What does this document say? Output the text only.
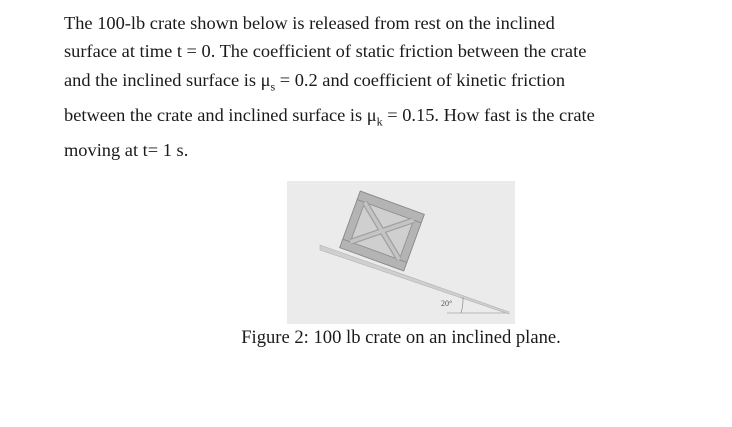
The 100-lb crate shown below is released from rest on the inclined
surface at time t = 0. The coefficient of static friction between the crate
and the inclined surface is $\mu_s = 0.2$ and coefficient of kinetic friction
between the crate and inclined surface is $\mu_k = 0.15$. How fast is the crate
moving at t= 1 s.
20°
Figure 2: 100 lb crate on an inclined plane.
